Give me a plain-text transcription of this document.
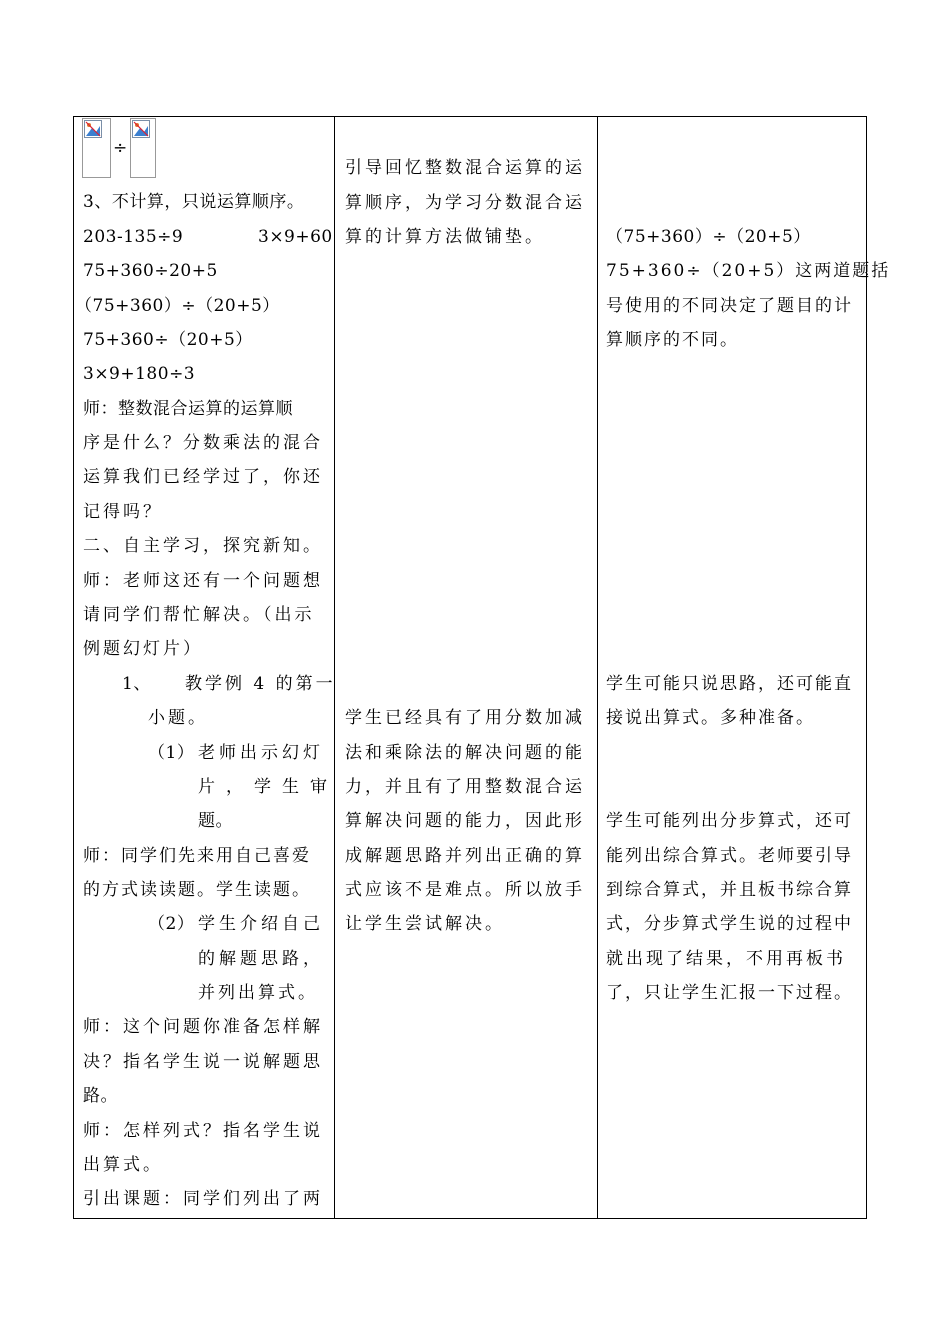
÷
3、不计算，只说运算顺序。
203-135÷9	3×9+60
75+360÷20+5
（75+360）÷（20+5）
75+360÷（20+5）
3×9+180÷3
师：整数混合运算的运算顺
序是什么？分数乘法的混合
运算我们已经学过了，你还
记得吗？
二、自主学习，探究新知。
师：老师这还有一个问题想
请同学们帮忙解决。（出示
例题幻灯片）
1、 教学例 4 的第一
小题。
（1） 老师出示幻灯
片，学生审
题。
师：同学们先来用自己喜爱
的方式读读题。学生读题。
（2） 学生介绍自己
的解题思路，
并列出算式。
师：这个问题你准备怎样解
决？指名学生说一说解题思
路。
师：怎样列式？指名学生说
出算式。
引出课题：同学们列出了两
引导回忆整数混合运算的运
算顺序，为学习分数混合运
算的计算方法做铺垫。
学生已经具有了用分数加减
法和乘除法的解决问题的能
力，并且有了用整数混合运
算解决问题的能力，因此形
成解题思路并列出正确的算
式应该不是难点。所以放手
让学生尝试解决。
（75+360）÷（20+5）
75+360÷（20+5）这两道题括
号使用的不同决定了题目的计
算顺序的不同。
学生可能只说思路，还可能直
接说出算式。多种准备。
学生可能列出分步算式，还可
能列出综合算式。老师要引导
到综合算式，并且板书综合算
式，分步算式学生说的过程中
就出现了结果，不用再板书
了，只让学生汇报一下过程。
